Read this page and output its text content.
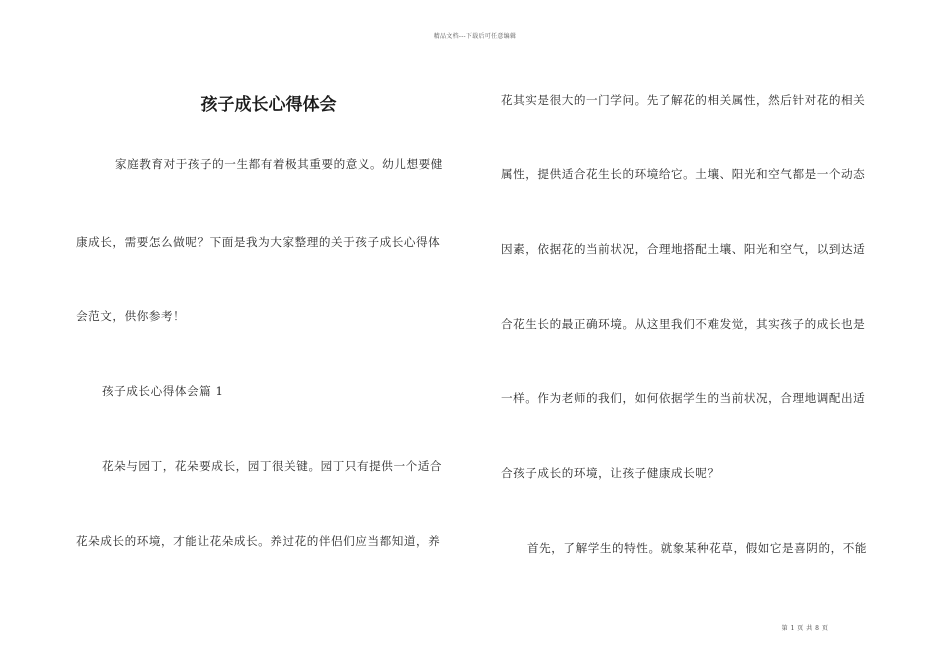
精品文档---下载后可任意编辑
孩子成长心得体会
家庭教育对于孩子的一生都有着极其重要的意义。幼儿想要健
康成长，需要怎么做呢？下面是我为大家整理的关于孩子成长心得体
会范文，供你参考！
孩子成长心得体会篇 1
花朵与园丁，花朵要成长，园丁很关键。园丁只有提供一个适合
花朵成长的环境，才能让花朵成长。养过花的伴侣们应当都知道，养
花其实是很大的一门学问。先了解花的相关属性，然后针对花的相关
属性，提供适合花生长的环境给它。土壤、阳光和空气都是一个动态
因素，依据花的当前状况，合理地搭配土壤、阳光和空气，以到达适
合花生长的最正确环境。从这里我们不难发觉，其实孩子的成长也是
一样。作为老师的我们，如何依据学生的当前状况，合理地调配出适
合孩子成长的环境，让孩子健康成长呢？
首先，了解学生的特性。就象某种花草，假如它是喜阴的，不能
第 1 页 共 8 页
